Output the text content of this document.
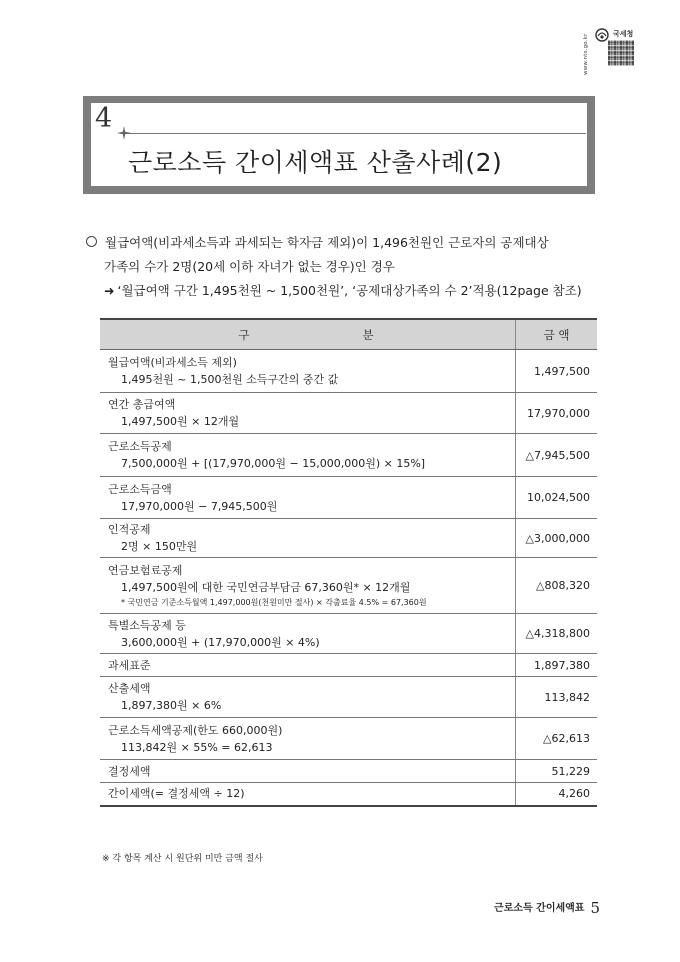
www.nts.go.kr	국세청
4
근로소득 간이세액표 산출사례(2)
월급여액(비과세소득과 과세되는 학자금 제외)이 1,496천원인 근로자의 공제대상
가족의 수가 2명(20세 이하 자녀가 없는 경우)인 경우
➜ ‘월급여액 구간 1,495천원 ~ 1,500천원’, ‘공제대상가족의 수 2’적용(12page 참조)
구 분	금 액

월급여액(비과세소득 제외)
1,495천원 ~ 1,500천원 소득구간의 중간 값	1,497,500

연간 총급여액
1,497,500원 × 12개월	17,970,000

근로소득공제
7,500,000원 + [(17,970,000원 − 15,000,000원) × 15%]	△7,945,500

근로소득금액
17,970,000원 − 7,945,500원	10,024,500

인적공제
2명 × 150만원	△3,000,000

연금보험료공제
1,497,500원에 대한 국민연금부담금 67,360원* × 12개월
* 국민연금 기준소득월액 1,497,000원(천원미만 절사) × 각출료율 4.5% = 67,360원	△808,320

특별소득공제 등
3,600,000원 + (17,970,000원 × 4%)	△4,318,800

과세표준	1,897,380

산출세액
1,897,380원 × 6%	113,842

근로소득세액공제(한도 660,000원)
113,842원 × 55% = 62,613	△62,613

결정세액	51,229

간이세액(= 결정세액 ÷ 12)	4,260
※ 각 항목 계산 시 원단위 미만 금액 절사
근로소득 간이세액표 5
